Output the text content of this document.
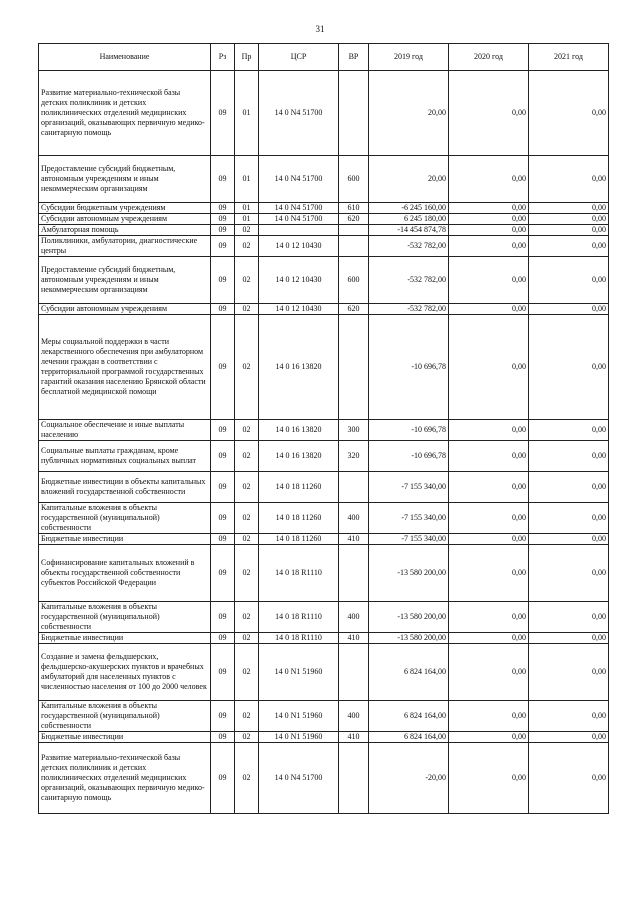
31
Наименование	Рз	Пр	ЦСР	ВР	2019 год	2020 год	2021 год
Развитие материально-технической базы детских поликлиник и детских поликлинических отделений медицинских организаций, оказывающих первичную медико-санитарную помощь	09	01	14 0 N4 51700		20,00	0,00	0,00
Предоставление субсидий бюджетным, автономным учреждениям и иным некоммерческим организациям	09	01	14 0 N4 51700	600	20,00	0,00	0,00
Субсидии бюджетным учреждениям	09	01	14 0 N4 51700	610	-6 245 160,00	0,00	0,00
Субсидии автономным учреждениям	09	01	14 0 N4 51700	620	6 245 180,00	0,00	0,00
Амбулаторная помощь	09	02			-14 454 874,78	0,00	0,00
Поликлиники, амбулатории, диагностические центры	09	02	14 0 12 10430		-532 782,00	0,00	0,00
Предоставление субсидий бюджетным, автономным учреждениям и иным некоммерческим организациям	09	02	14 0 12 10430	600	-532 782,00	0,00	0,00
Субсидии автономным учреждениям	09	02	14 0 12 10430	620	-532 782,00	0,00	0,00
Меры социальной поддержки в части лекарственного обеспечения при амбулаторном лечении граждан в соответствии с территориальной программой государственных гарантий оказания населению Брянской области бесплатной медицинской помощи	09	02	14 0 16 13820		-10 696,78	0,00	0,00
Социальное обеспечение и иные выплаты населению	09	02	14 0 16 13820	300	-10 696,78	0,00	0,00
Социальные выплаты гражданам, кроме публичных нормативных социальных выплат	09	02	14 0 16 13820	320	-10 696,78	0,00	0,00
Бюджетные инвестиции в объекты капитальных вложений государственной собственности	09	02	14 0 18 11260		-7 155 340,00	0,00	0,00
Капитальные вложения в объекты государственной (муниципальной) собственности	09	02	14 0 18 11260	400	-7 155 340,00	0,00	0,00
Бюджетные инвестиции	09	02	14 0 18 11260	410	-7 155 340,00	0,00	0,00
Софинансирование капитальных вложений в объекты государственной собственности субъектов Российской Федерации	09	02	14 0 18 R1110		-13 580 200,00	0,00	0,00
Капитальные вложения в объекты государственной (муниципальной) собственности	09	02	14 0 18 R1110	400	-13 580 200,00	0,00	0,00
Бюджетные инвестиции	09	02	14 0 18 R1110	410	-13 580 200,00	0,00	0,00
Создание и замена фельдшерских, фельдшерско-акушерских пунктов и врачебных амбулаторий для населенных пунктов с численностью населения от 100 до 2000 человек	09	02	14 0 N1 51960		6 824 164,00	0,00	0,00
Капитальные вложения в объекты государственной (муниципальной) собственности	09	02	14 0 N1 51960	400	6 824 164,00	0,00	0,00
Бюджетные инвестиции	09	02	14 0 N1 51960	410	6 824 164,00	0,00	0,00
Развитие материально-технической базы детских поликлиник и детских поликлинических отделений медицинских организаций, оказывающих первичную медико-санитарную помощь	09	02	14 0 N4 51700		-20,00	0,00	0,00
